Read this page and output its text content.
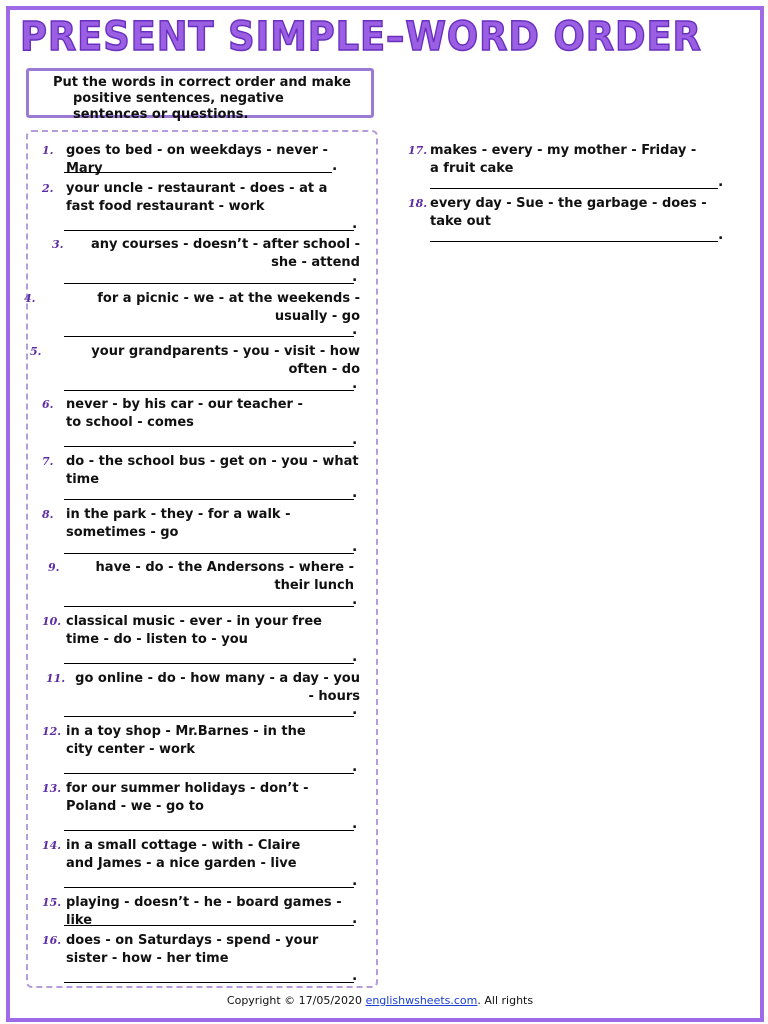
PRESENT SIMPLE–WORD ORDER
Put the words in correct order and make
positive sentences, negative sentences or questions.
1. goes to bed - on weekdays - never - Mary	.
2. your uncle - restaurant - does - at a fast food restaurant - work
.
3.	any courses - doesn’t - after school - she - attend
.
4.	for a picnic - we - at the weekends - usually - go
.
5.	your grandparents - you - visit - how often - do
.
6. never - by his car - our teacher - to school - comes
.
7. do - the school bus - get on - you - what time
.
8. in the park - they - for a walk -sometimes - go
.
9.	have - do - the Andersons - where - their lunch
.
10. classical music - ever - in your free time - do - listen to - you
.
11. go online - do - how many - a day - you - hours
.
12. in a toy shop - Mr.Barnes - in the city center - work
.
13. for our summer holidays - don’t - Poland - we - go to
.
14. in a small cottage - with - Claire and James - a nice garden - live
.
15. playing - doesn’t - he - board games - like	.
16. does - on Saturdays - spend - your sister - how - her time
.
17. makes - every - my mother - Friday - a fruit cake
.
18. every day - Sue - the garbage - does - take out
.
Copyright © 17/05/2020 englishwsheets.com. All rights
